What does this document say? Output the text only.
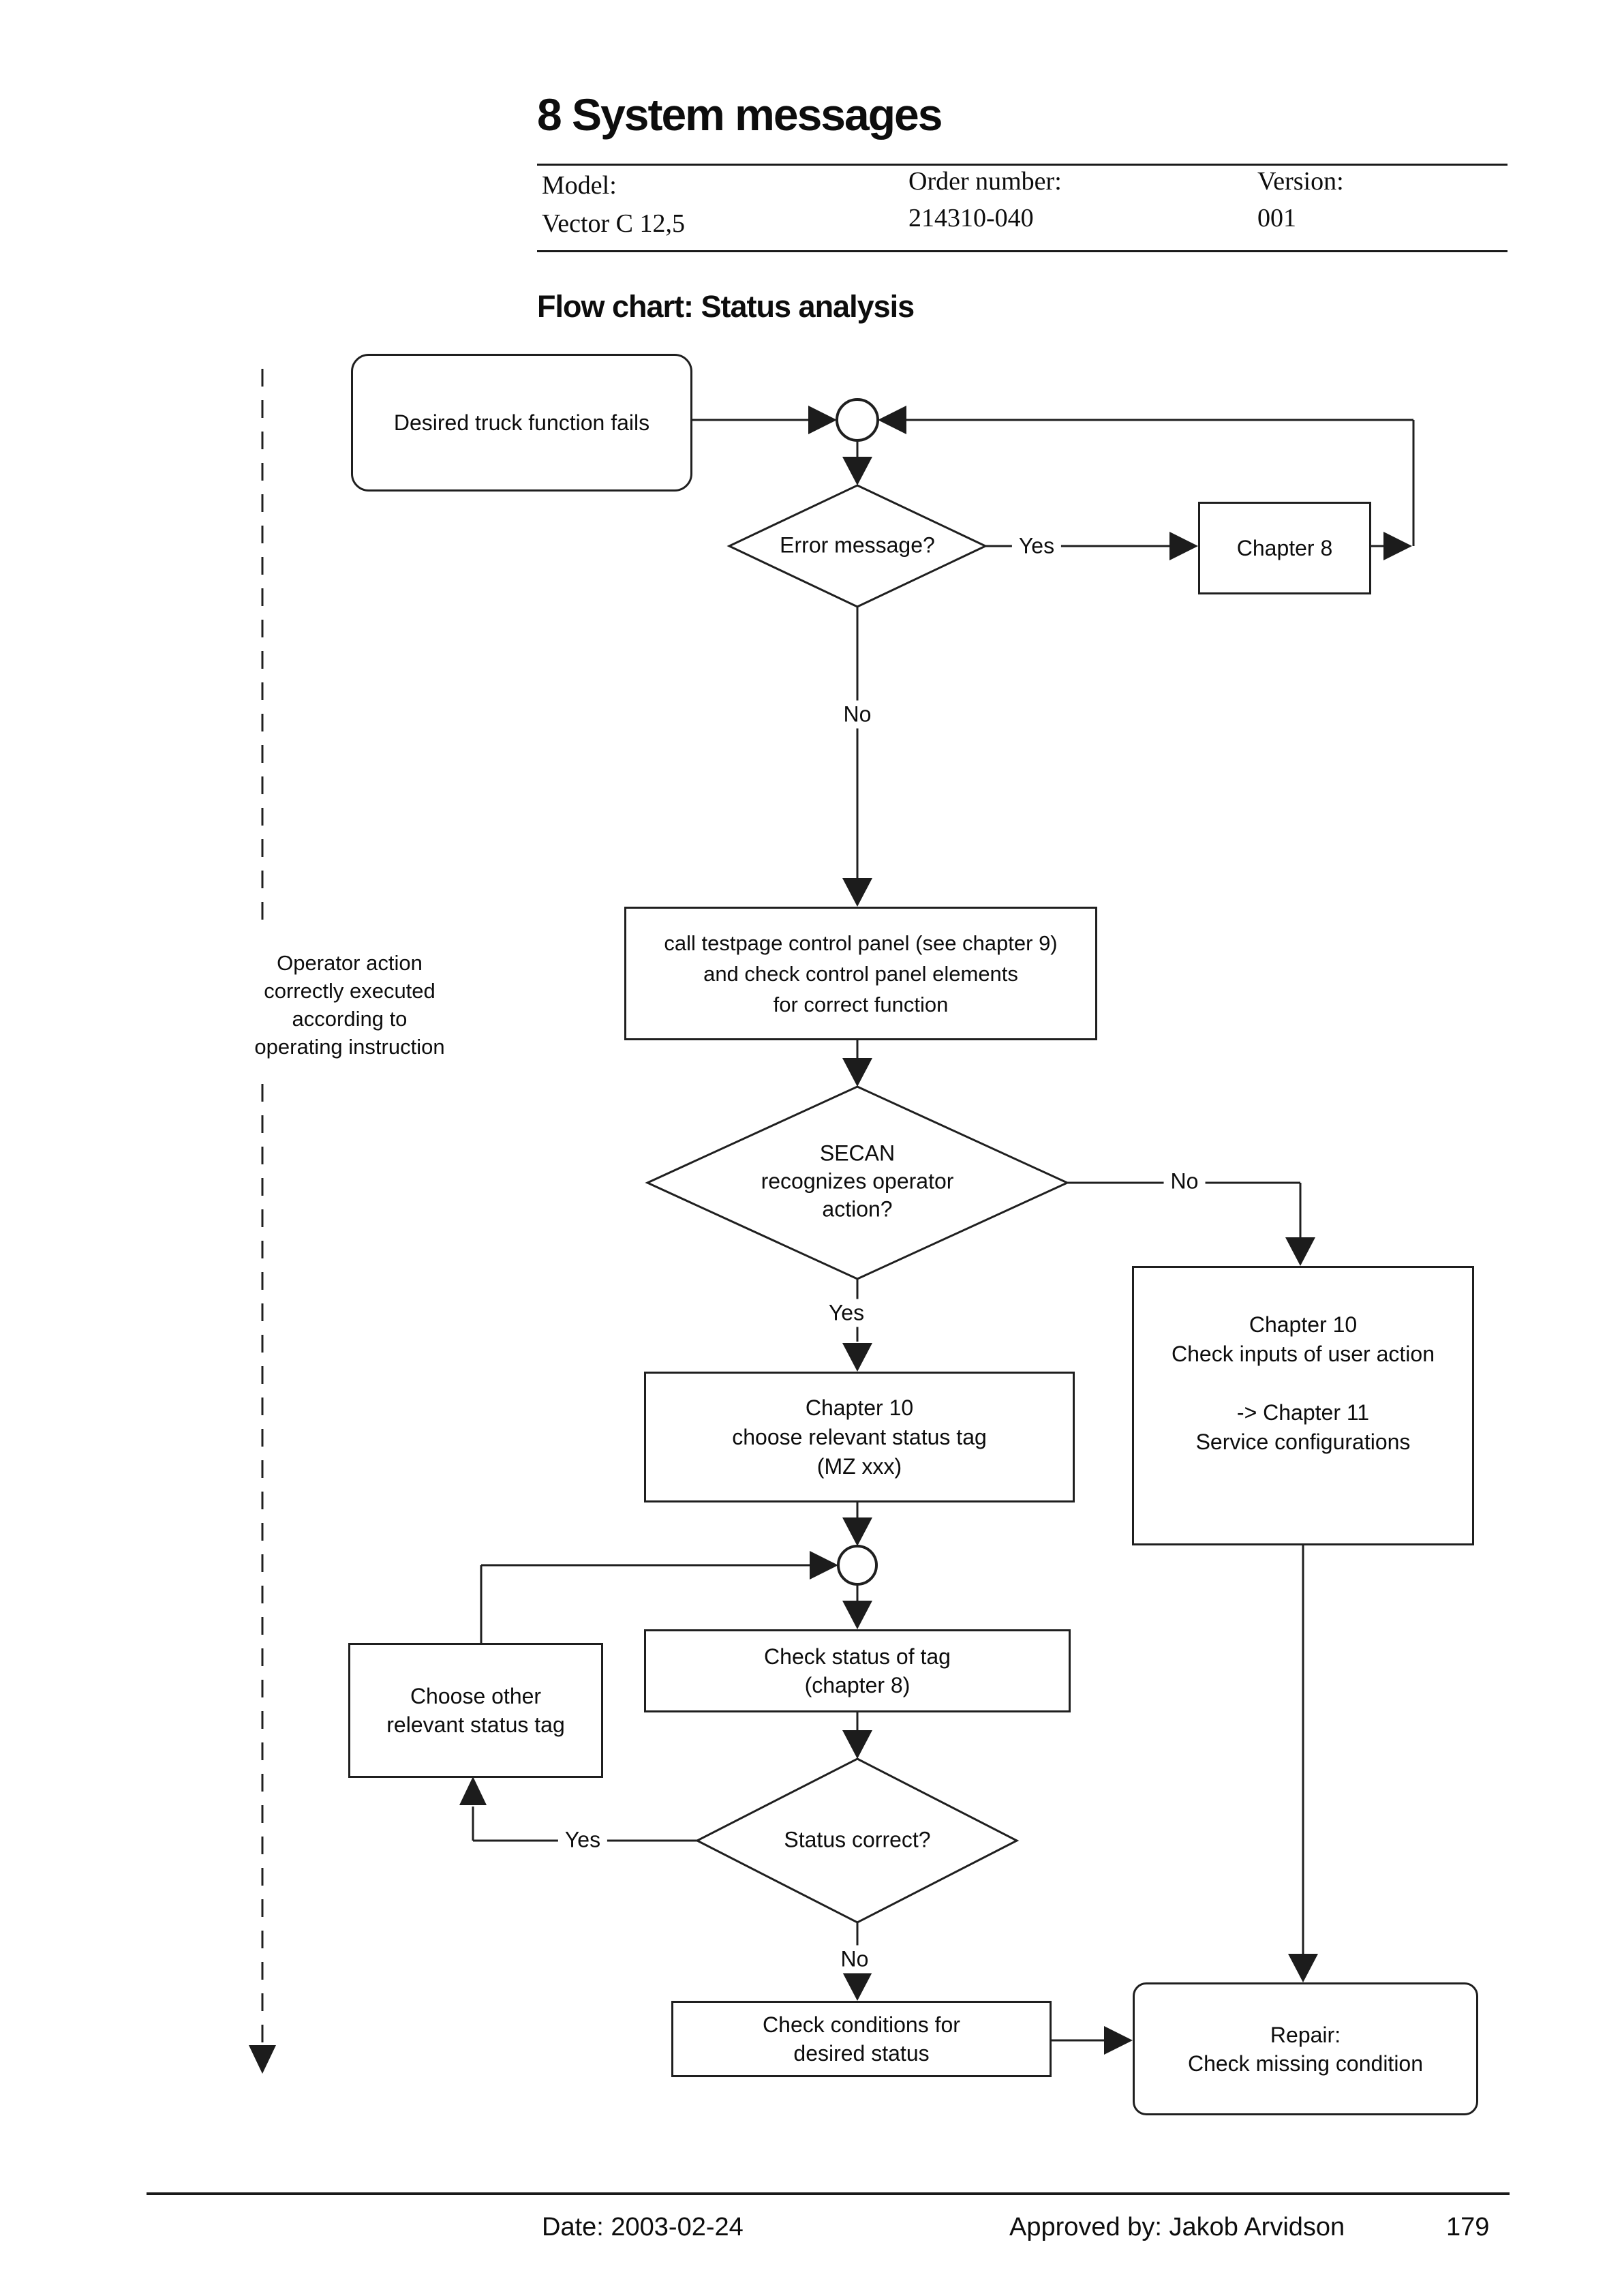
8 System messages
Model:
Vector C 12,5
Order number:
214310-040
Version:
001
Flow chart: Status analysis
Desired truck function fails
Chapter 8
call testpage control panel (see chapter 9)
and check control panel elements
for correct function
Chapter 10
Check inputs of user action
-> Chapter 11
Service configurations
Chapter 10
choose relevant status tag
(MZ xxx)
Check status of tag
(chapter 8)
Choose other
relevant status tag
Check conditions for
desired status
Repair:
Check missing condition
Error message?
SECAN
recognizes operator
action?
Status correct?
Yes
No
No
Yes
Yes
No
Operator action
correctly executed
according to
operating instruction
Date: 2003-02-24	Approved by: Jakob Arvidson	179
